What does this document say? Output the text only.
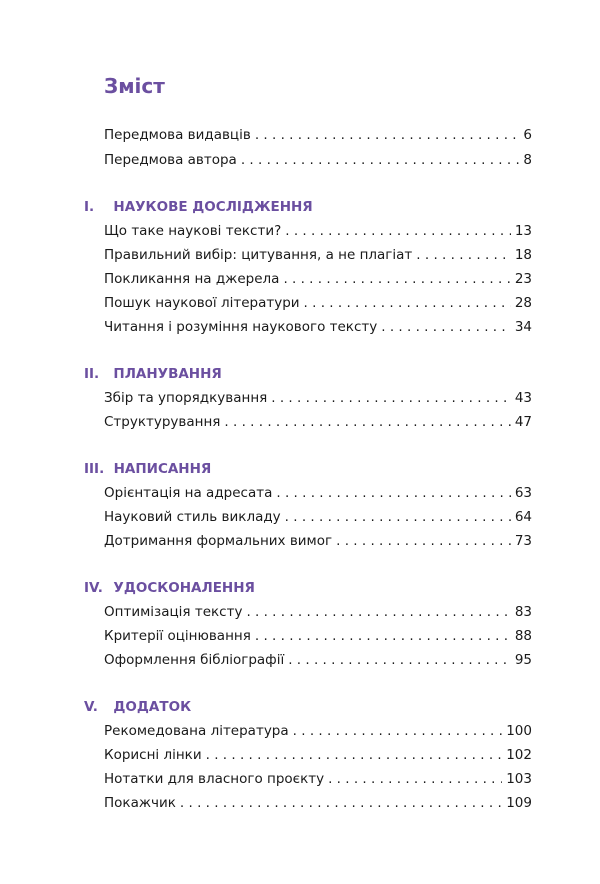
Зміст
Передмова видавців . . .	6
Передмова автора . . .	8
I. НАУКОВЕ ДОСЛІДЖЕННЯ
Що таке наукові тексти? . . .	13
Правильний вибір: цитування, а не плагіат . . .	18
Покликання на джерела . . .	23
Пошук наукової літератури . . .	28
Читання і розуміння наукового тексту . . .	34
II. ПЛАНУВАННЯ
Збір та упорядкування . . .	43
Структурування . . .	47
III. НАПИСАННЯ
Орієнтація на адресата . . .	63
Науковий стиль викладу . . .	64
Дотримання формальних вимог . . .	73
IV. УДОСКОНАЛЕННЯ
Оптимізація тексту . . .	83
Критерії оцінювання . . .	88
Оформлення бібліографії . . .	95
V. ДОДАТОК
Рекомедована література . . .	100
Корисні лінки . . .	102
Нотатки для власного проєкту . . .	103
Покажчик . . .	109
